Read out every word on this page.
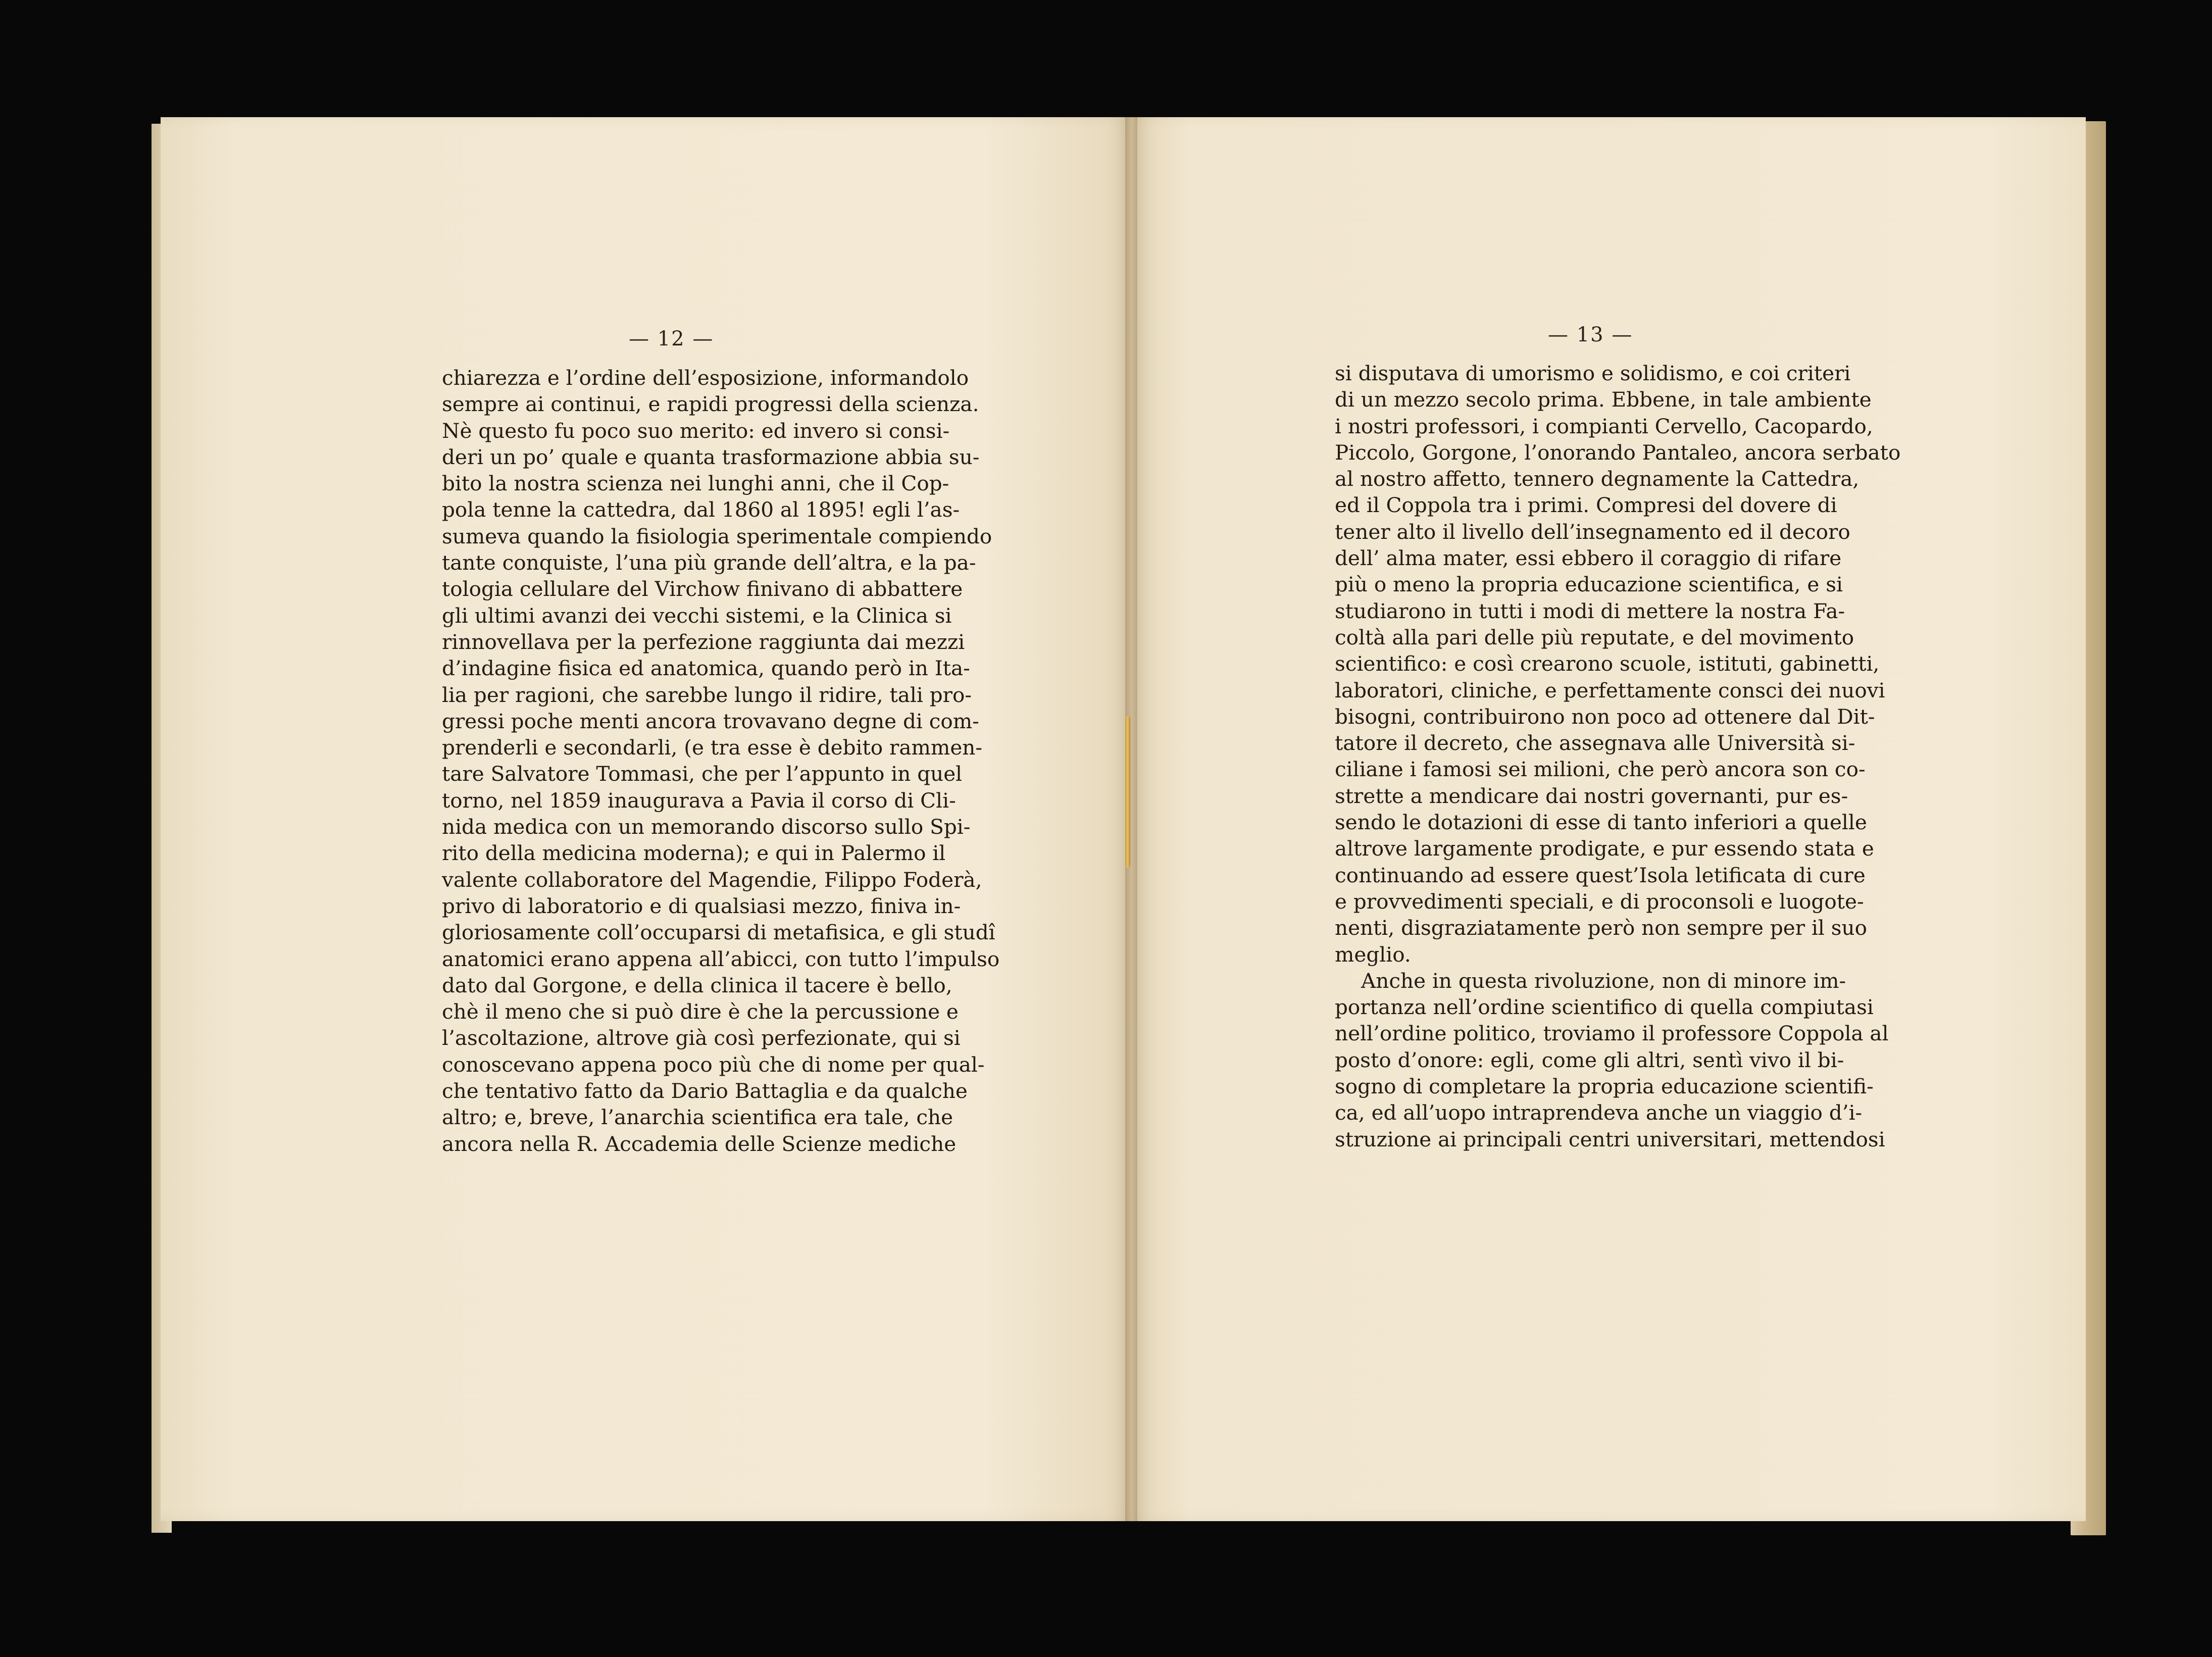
— 12 —	— 13 —
chiarezza e l’ordine dell’esposizione, informandolo
sempre ai continui, e rapidi progressi della scienza.
Nè questo fu poco suo merito: ed invero si consi-
deri un po’ quale e quanta trasformazione abbia su-
bito la nostra scienza nei lunghi anni, che il Cop-
pola tenne la cattedra, dal 1860 al 1895! egli l’as-
sumeva quando la fisiologia sperimentale compiendo
tante conquiste, l’una più grande dell’altra, e la pa-
tologia cellulare del Virchow finivano di abbattere
gli ultimi avanzi dei vecchi sistemi, e la Clinica si
rinnovellava per la perfezione raggiunta dai mezzi
d’indagine fisica ed anatomica, quando però in Ita-
lia per ragioni, che sarebbe lungo il ridire, tali pro-
gressi poche menti ancora trovavano degne di com-
prenderli e secondarli, (e tra esse è debito rammen-
tare Salvatore Tommasi, che per l’appunto in quel
torno, nel 1859 inaugurava a Pavia il corso di Cli-
nida medica con un memorando discorso sullo Spi-
rito della medicina moderna); e qui in Palermo il
valente collaboratore del Magendie, Filippo Foderà,
privo di laboratorio e di qualsiasi mezzo, finiva in-
gloriosamente coll’occuparsi di metafisica, e gli studî
anatomici erano appena all’abicci, con tutto l’impulso
dato dal Gorgone, e della clinica il tacere è bello,
chè il meno che si può dire è che la percussione e
l’ascoltazione, altrove già così perfezionate, qui si
conoscevano appena poco più che di nome per qual-
che tentativo fatto da Dario Battaglia e da qualche
altro; e, breve, l’anarchia scientifica era tale, che
ancora nella R. Accademia delle Scienze mediche
si disputava di umorismo e solidismo, e coi criteri
di un mezzo secolo prima. Ebbene, in tale ambiente
i nostri professori, i compianti Cervello, Cacopardo,
Piccolo, Gorgone, l’onorando Pantaleo, ancora serbato
al nostro affetto, tennero degnamente la Cattedra,
ed il Coppola tra i primi. Compresi del dovere di
tener alto il livello dell’insegnamento ed il decoro
dell’ alma mater, essi ebbero il coraggio di rifare
più o meno la propria educazione scientifica, e si
studiarono in tutti i modi di mettere la nostra Fa-
coltà alla pari delle più reputate, e del movimento
scientifico: e così crearono scuole, istituti, gabinetti,
laboratori, cliniche, e perfettamente consci dei nuovi
bisogni, contribuirono non poco ad ottenere dal Dit-
tatore il decreto, che assegnava alle Università si-
ciliane i famosi sei milioni, che però ancora son co-
strette a mendicare dai nostri governanti, pur es-
sendo le dotazioni di esse di tanto inferiori a quelle
altrove largamente prodigate, e pur essendo stata e
continuando ad essere quest’Isola letificata di cure
e provvedimenti speciali, e di proconsoli e luogote-
nenti, disgraziatamente però non sempre per il suo
meglio.
Anche in questa rivoluzione, non di minore im-
portanza nell’ordine scientifico di quella compiutasi
nell’ordine politico, troviamo il professore Coppola al
posto d’onore: egli, come gli altri, sentì vivo il bi-
sogno di completare la propria educazione scientifi-
ca, ed all’uopo intraprendeva anche un viaggio d’i-
struzione ai principali centri universitari, mettendosi
